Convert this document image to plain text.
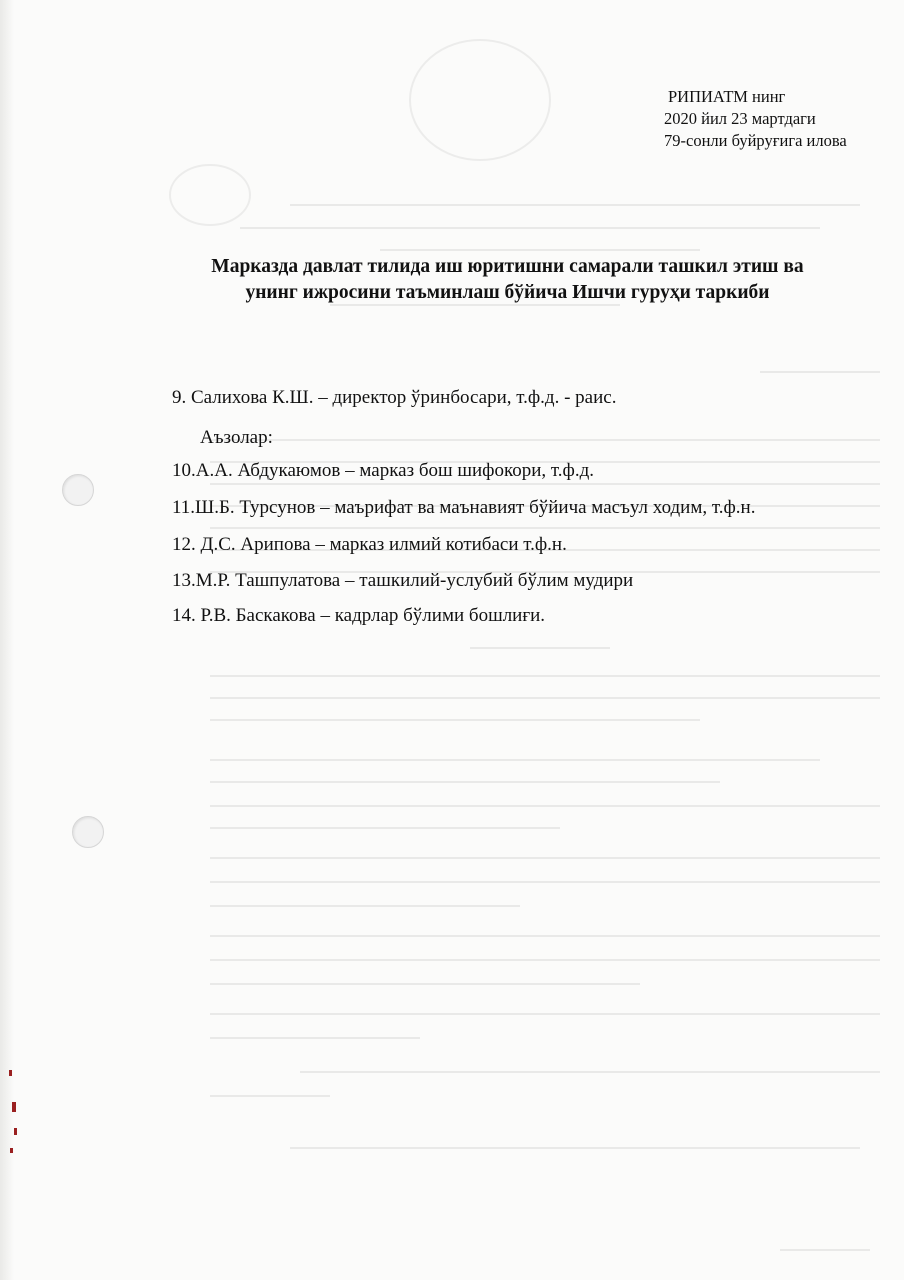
РИПИАТМ нинг
2020 йил 23 мартдаги
79-сонли буйруғига илова
Марказда давлат тилида иш юритишни самарали ташкил этиш ва
унинг ижросини таъминлаш бўйича Ишчи гуруҳи таркиби
9. Салихова К.Ш. – директор ўринбосари, т.ф.д. - раис.
Аъзолар:
10.А.А. Абдукаюмов – марказ бош шифокори, т.ф.д.
11.Ш.Б. Турсунов – маърифат ва маънавият бўйича масъул ходим, т.ф.н.
12. Д.С. Арипова – марказ илмий котибаси т.ф.н.
13.М.Р. Ташпулатова – ташкилий-услубий бўлим мудири
14. Р.В. Баскакова – кадрлар бўлими бошлиғи.
